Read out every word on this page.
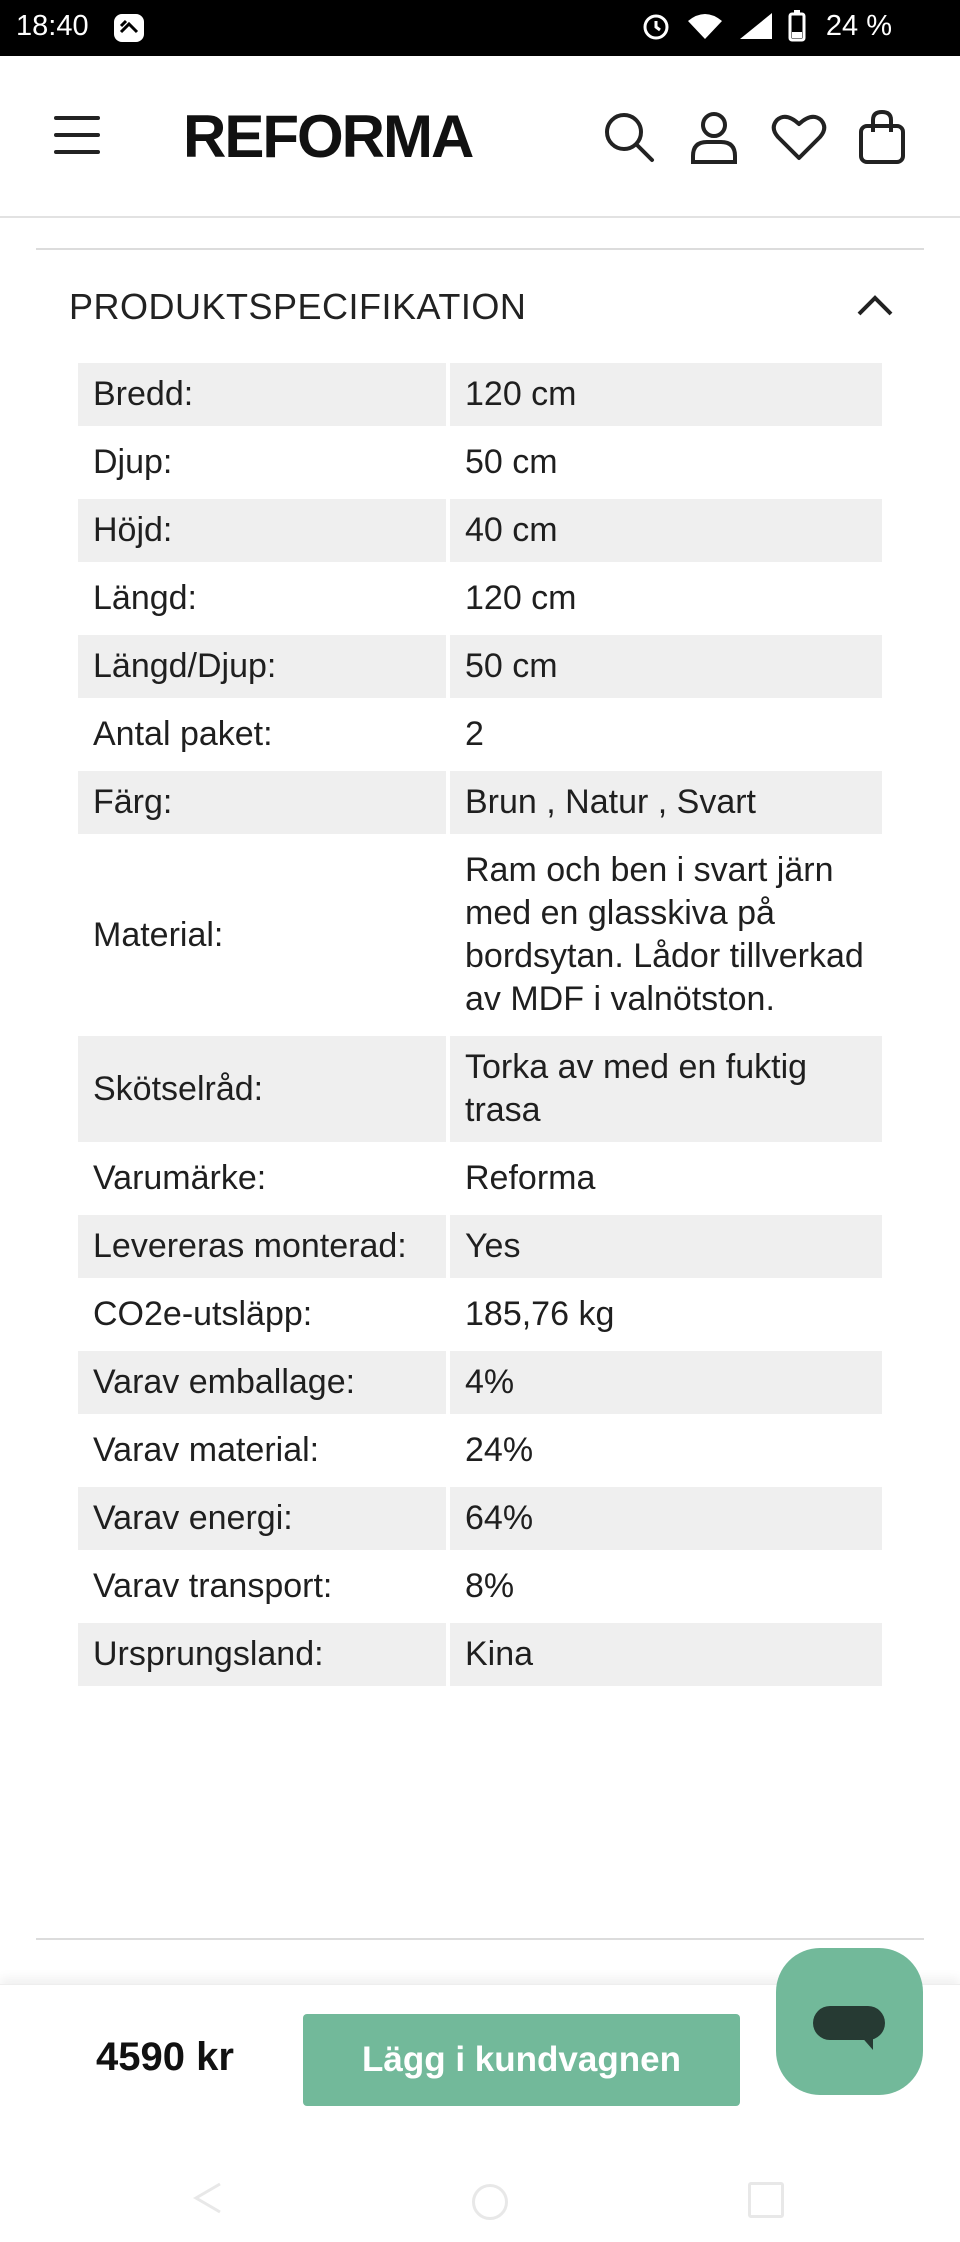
18:40	24 %
REFORMA
PRODUKTSPECIFIKATION
Bredd:	120 cm
Djup:	50 cm
Höjd:	40 cm
Längd:	120 cm
Längd/Djup:	50 cm
Antal paket:	2
Färg:	Brun , Natur , Svart
Material:
Ram och ben i svart järn med en glasskiva på bordsytan. Lådor tillverkad av MDF i valnötston.
Skötselråd:
Torka av med en fuktig trasa
Varumärke:	Reforma
Levereras monterad:	Yes
CO2e-utsläpp:	185,76 kg
Varav emballage:	4%
Varav material:	24%
Varav energi:	64%
Varav transport:	8%
Ursprungsland:	Kina
4590 kr	Lägg i kundvagnen
